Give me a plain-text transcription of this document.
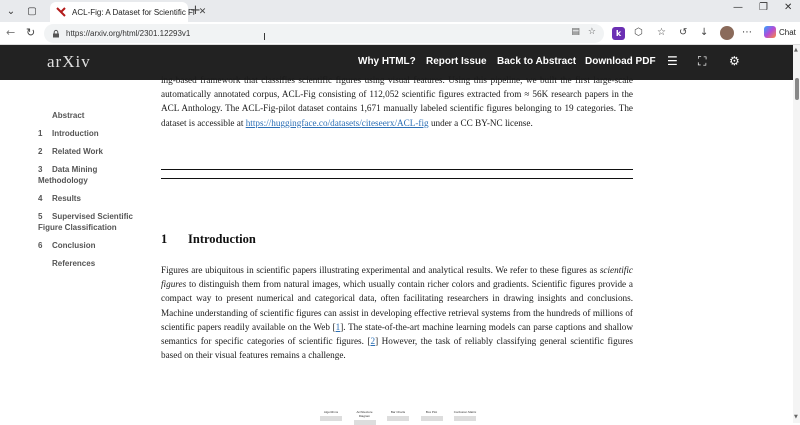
⌄	▢	ACL-Fig: A Dataset for Scientific Fi ✕
+	— ❐ ✕
← ↻	https://arxiv.org/html/2301.12293v1	▤ ☆	k	⬡ ☆ ↺ ↓	⋯	Chat
arXiv	Why HTML? Report Issue Back to Abstract Download PDF ☰ ⛶ ⚙
▲
▼
Abstract
1 Introduction
2 Related Work
3 Data Mining Methodology
4 Results
5 Supervised Scientific Figure Classification
6 Conclusion
References

ing-based framework that classifies scientific figures using visual features. Using this pipeline, we built the first large-scale automatically annotated corpus, ACL-Fig consisting of 112,052 scientific figures extracted from ≈ 56K research papers in the ACL Anthology. The ACL-Fig-pilot dataset contains 1,671 manually labeled scientific figures belonging to 19 categories. The dataset is accessible at https://huggingface.co/datasets/citeseerx/ACL-fig under a CC BY-NC license.

1 Introduction

Figures are ubiquitous in scientific papers illustrating experimental and analytical results. We refer to these figures as scientific figures to distinguish them from natural images, which usually contain richer colors and gradients. Scientific figures provide a compact way to present numerical and categorical data, often facilitating researchers in drawing insights and conclusions. Machine understanding of scientific figures can assist in developing effective retrieval systems from the hundreds of millions of scientific papers readily available on the Web [1]. The state-of-the-art machine learning models can parse captions and shallow semantics for specific categories of scientific figures. [2] However, the task of reliably classifying general scientific figures based on their visual features remains a challenge.

Algorithms	Architecture Diagram
Bar Charts	Box Plot	Confusion Matrix
I
